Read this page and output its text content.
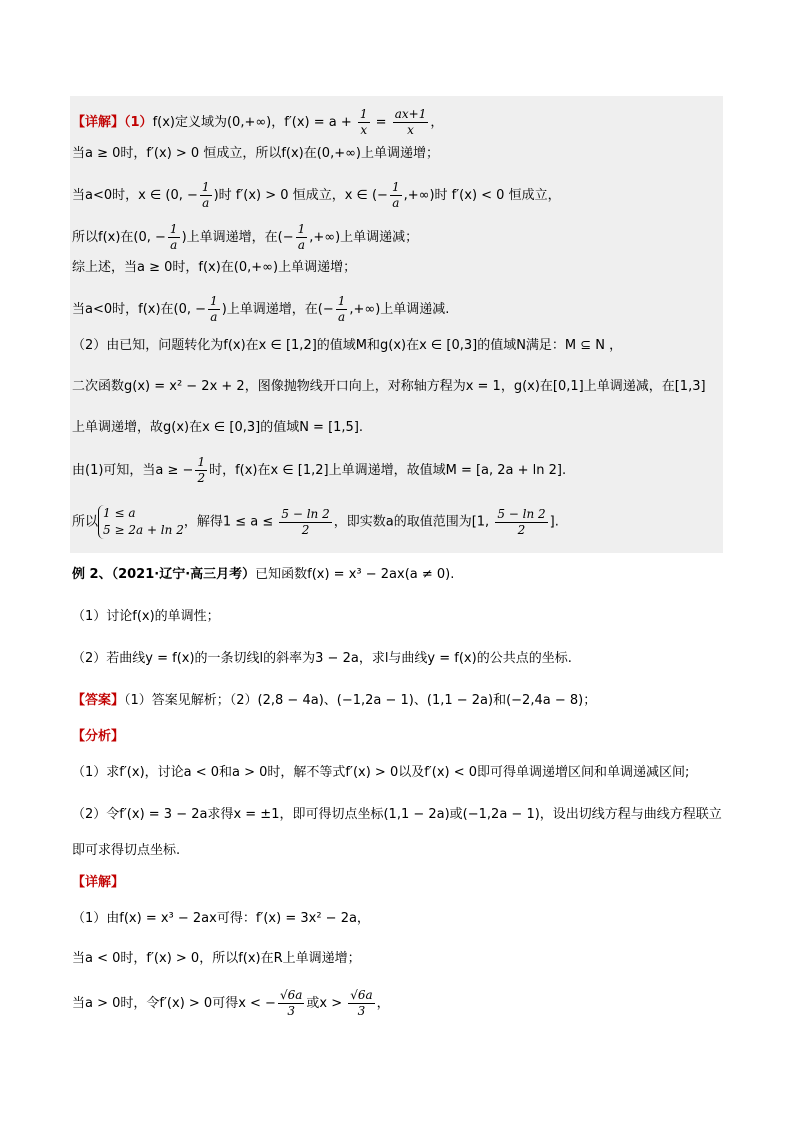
【详解】（1）f(x)定义域为(0,+∞)，$f'(x) = a + \frac{1}{x} = \frac{ax+1}{x}$ ，
当a ≥ 0时，f′(x) > 0 恒成立，所以f(x)在(0,+∞)上单调递增；
当a<0时，x ∈ (0, − $\frac{1}{a}$ )时 f′(x) > 0 恒成立，x ∈ (− $\frac{1}{a}$ ,+∞)时 f′(x) < 0 恒成立，
所以f(x)在(0, − $\frac{1}{a}$ )上单调递增，在(− $\frac{1}{a}$ ,+∞)上单调递减；
综上述，当a ≥ 0时，f(x)在(0,+∞)上单调递增；
当a<0时，f(x)在(0, − $\frac{1}{a}$ )上单调递增，在(− $\frac{1}{a}$ ,+∞)上单调递减.
（2）由已知，问题转化为f(x)在x ∈ [1,2]的值域M和g(x)在x ∈ [0,3]的值域N满足：M ⊆ N ，
二次函数g(x) = x² − 2x + 2，图像抛物线开口向上，对称轴方程为x = 1，g(x)在[0,1]上单调递减，在[1,3]
上单调递增，故g(x)在x ∈ [0,3]的值域N = [1,5].
由(1)可知，当a ≥ − $\frac{1}{2}$ 时，f(x)在x ∈ [1,2]上单调递增，故值域M = [a, 2a + ln 2].
所以
1 ≤ a
5 ≥ 2a + ln 2
，解得$1 \le a \le \frac{5 - \ln 2}{2}$ ，即实数a的取值范围为[1, $\frac{5 - \ln 2}{2}$ ].
例 2、（2021·辽宁·高三月考）已知函数f(x) = x³ − 2ax(a ≠ 0).
（1）讨论f(x)的单调性；
（2）若曲线y = f(x)的一条切线l的斜率为3 − 2a，求l与曲线y = f(x)的公共点的坐标.
【答案】（1）答案见解析；（2）(2,8 − 4a)、(−1,2a − 1)、(1,1 − 2a)和(−2,4a − 8)；
【分析】
（1）求f′(x)，讨论a < 0和a > 0时，解不等式f′(x) > 0以及f′(x) < 0即可得单调递增区间和单调递减区间;
（2）令f′(x) = 3 − 2a求得x = ±1，即可得切点坐标(1,1 − 2a)或(−1,2a − 1)，设出切线方程与曲线方程联立
即可求得切点坐标.
【详解】
（1）由f(x) = x³ − 2ax可得：f′(x) = 3x² − 2a，
当a < 0时，f′(x) > 0，所以f(x)在R上单调递增；
当a > 0时，令f′(x) > 0可得x < − $\frac{√6a}{3}$ 或$x > \frac{√6a}{3}$ ，
